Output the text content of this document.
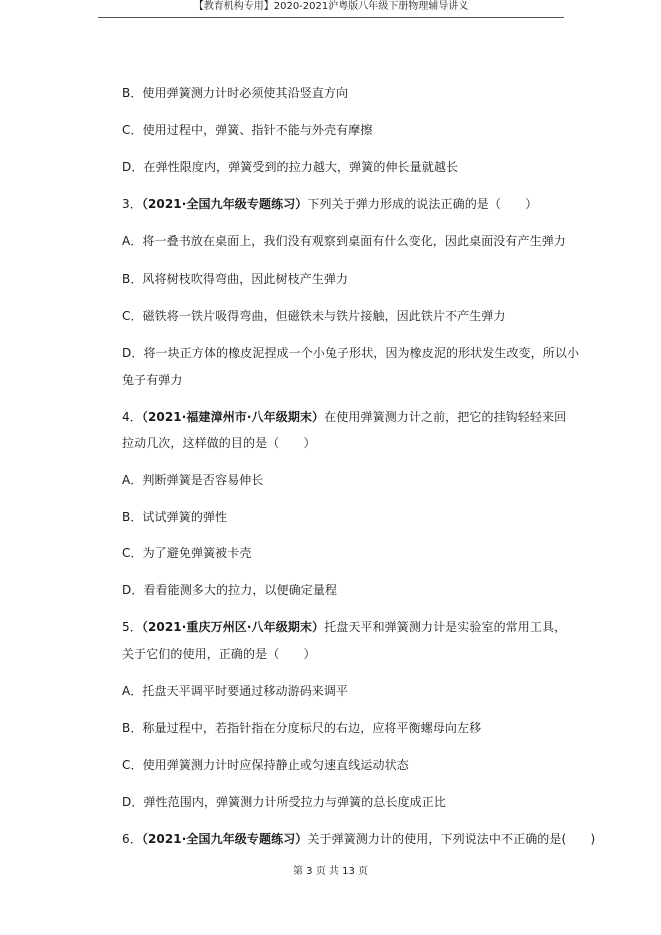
【教育机构专用】2020-2021沪粤版八年级下册物理辅导讲义
B．使用弹簧测力计时必须使其沿竖直方向
C．使用过程中，弹簧、指针不能与外壳有摩擦
D．在弹性限度内，弹簧受到的拉力越大，弹簧的伸长量就越长
3．（2021·全国九年级专题练习）下列关于弹力形成的说法正确的是（　　）
A．将一叠书放在桌面上，我们没有观察到桌面有什么变化，因此桌面没有产生弹力
B．风将树枝吹得弯曲，因此树枝产生弹力
C．磁铁将一铁片吸得弯曲，但磁铁未与铁片接触，因此铁片不产生弹力
D．将一块正方体的橡皮泥捏成一个小兔子形状，因为橡皮泥的形状发生改变，所以小
兔子有弹力
4．（2021·福建漳州市·八年级期末）在使用弹簧测力计之前，把它的挂钩轻轻来回
拉动几次，这样做的目的是（　　）
A．判断弹簧是否容易伸长
B．试试弹簧的弹性
C．为了避免弹簧被卡壳
D．看看能测多大的拉力，以便确定量程
5．（2021·重庆万州区·八年级期末）托盘天平和弹簧测力计是实验室的常用工具，
关于它们的使用，正确的是（　　）
A．托盘天平调平时要通过移动游码来调平
B．称量过程中，若指针指在分度标尺的右边，应将平衡螺母向左移
C．使用弹簧测力计时应保持静止或匀速直线运动状态
D．弹性范围内，弹簧测力计所受拉力与弹簧的总长度成正比
6．（2021·全国九年级专题练习）关于弹簧测力计的使用，下列说法中不正确的是(　　)
第 3 页 共 13 页
